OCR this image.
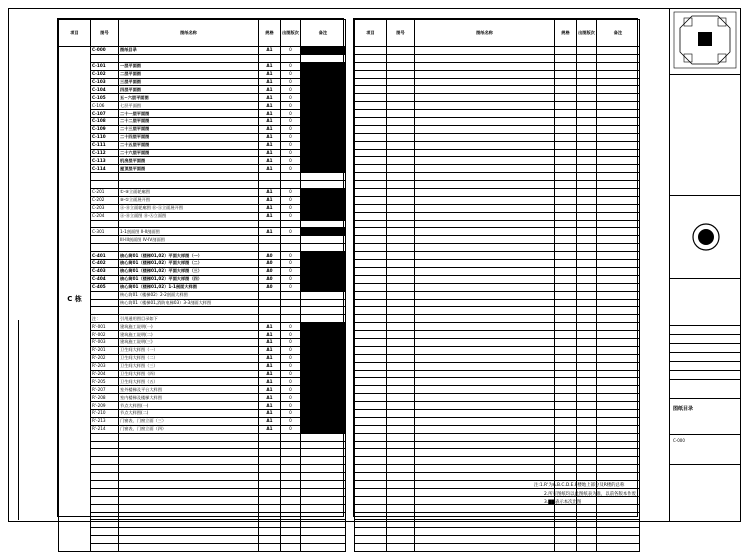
项目	图号	图纸名称	规格	出图版次	备注
C 栋	C-000	图纸目录	A1	0	

	C-101	一层平面图	A1	0	
	C-102	二层平面图	A1	0	
	C-103	三层平面图	A1	0	
	C-104	四层平面图	A1	0	
	C-105	五~六层平面图	A1	0	
	C-106	七层平面图	A1	0	
	C-107	二十一层平面图	A1	0	
	C-108	二十二层平面图	A1	0	
	C-109	二十三层平面图	A1	0	
	C-110	二十四层平面图	A1	0	
	C-111	二十五层平面图	A1	0	
	C-112	二十六层平面图	A1	0	
	C-113	机房层平面图	A1	0	
	C-114	屋顶层平面图	A1	0	

	C-201	①-⑨立面轮廓图	A1	0	
	C-202	⑨-①立面展开图	A1	0	
	C-203	Ⓐ-Ⓗ立面轮廓图 Ⓗ-Ⓐ立面展开图	A1	0	
	C-204	Ⓐ-Ⓗ立面图 Ⓗ-Ⓐ立面图	A1	0	

	C-301	1-1剖面图 II-II剖面图	A1	0	
		III-III剖面图 IV-IV剖面图			

	C-401	核心筒01（楼梯01,02）平面大样图（一）	A0	0	
	C-402	核心筒01（楼梯01,02）平面大样图（二）	A0	0	
	C-403	核心筒01（楼梯01,02）平面大样图（三）	A0	0	
	C-404	核心筒01（楼梯01,02）平面大样图（四）	A0	0	
	C-405	核心筒01（楼梯01,02）1-1剖面大样图	A0	0	
		核心筒01（楼梯02）2-2剖面大样图			
		核心筒01（楼梯01,消防电梯03）3-3剖面大样图			

	注：	引用通用图目录如下			
	R'-001	建筑施工说明(一)	A1	0	
	R'-002	建筑施工说明(二)	A1	0	
	R'-003	建筑施工说明(三)	A1	0	
	R'-201	卫生间大样图（一）	A1	0	
	R'-202	卫生间大样图（二）	A1	0	
	R'-203	卫生间大样图（三）	A1	0	
	R'-204	卫生间大样图（四）	A1	0	
	R'-205	卫生间大样图（五）	A1	0	
	R'-207	室外楼梯及平台大样图	A1	0	
	R'-208	室内楼梯及楼梯大样图	A1	0	
	R'-209	节点大样图(一)	A1	0	
	R'-210	节点大样图(二)	A1	0	
	R'-213	门窗表、门窗立面（三）	A1	0	
	R'-214	门窗表、门窗立面（四）	A1	0	

项目	图号	图纸名称	规格	出图版次	备注

注:1.R'为A.B.C.D.E.F楼地上部分及R楼的总称
2.所有图纸均以此图纸表为准，以前各版本作废
3.▇▇表示本次出图
图纸目录
C-000
